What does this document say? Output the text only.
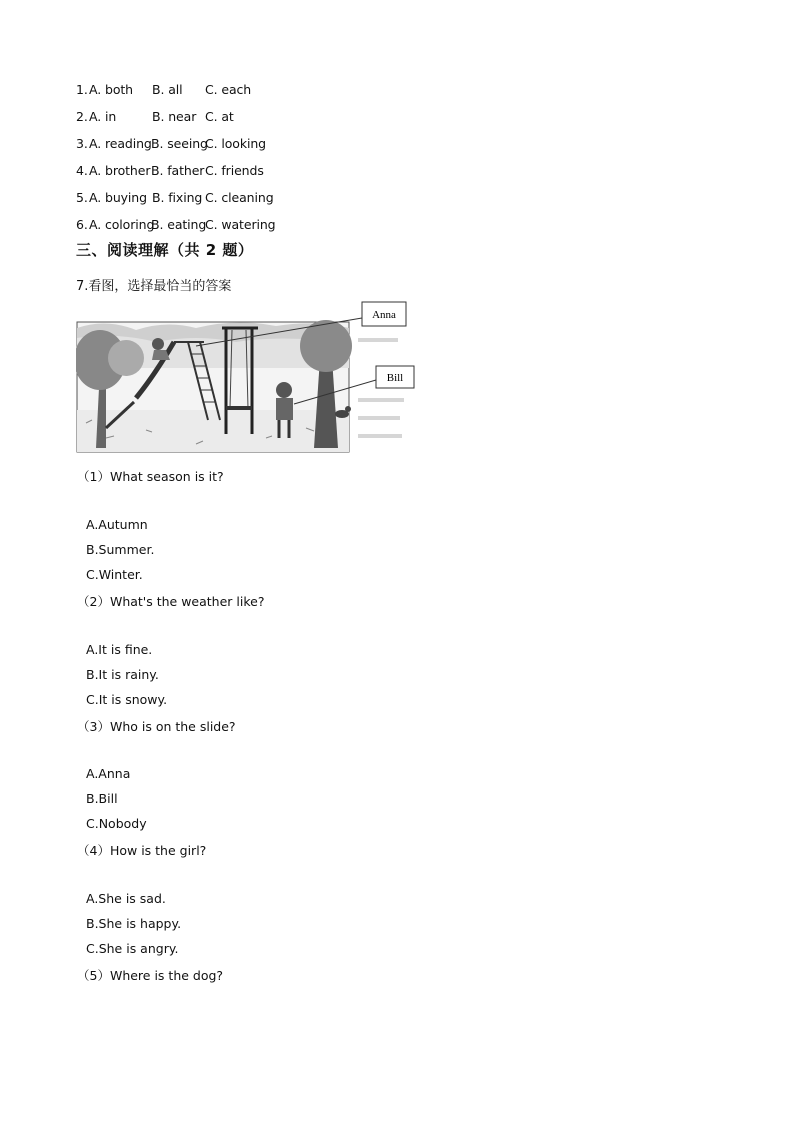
1. A. both B. all C. each
2. A. in	B. near C. at
3. A. reading B. seeing
C. looking
4. A. brother B. father C. friends
5. A. buying B. fixing C. cleaning
6. A. coloring
B. eating
C. watering
三、阅读理解（共 2 题）
7.看图，选择最恰当的答案
Anna
Bill
（1）What season is it?
A.Autumn
B.Summer.
C.Winter.
（2）What's the weather like?
A.It is fine.
B.It is rainy.
C.It is snowy.
（3）Who is on the slide?
A.Anna
B.Bill
C.Nobody
（4）How is the girl?
A.She is sad.
B.She is happy.
C.She is angry.
（5）Where is the dog?
